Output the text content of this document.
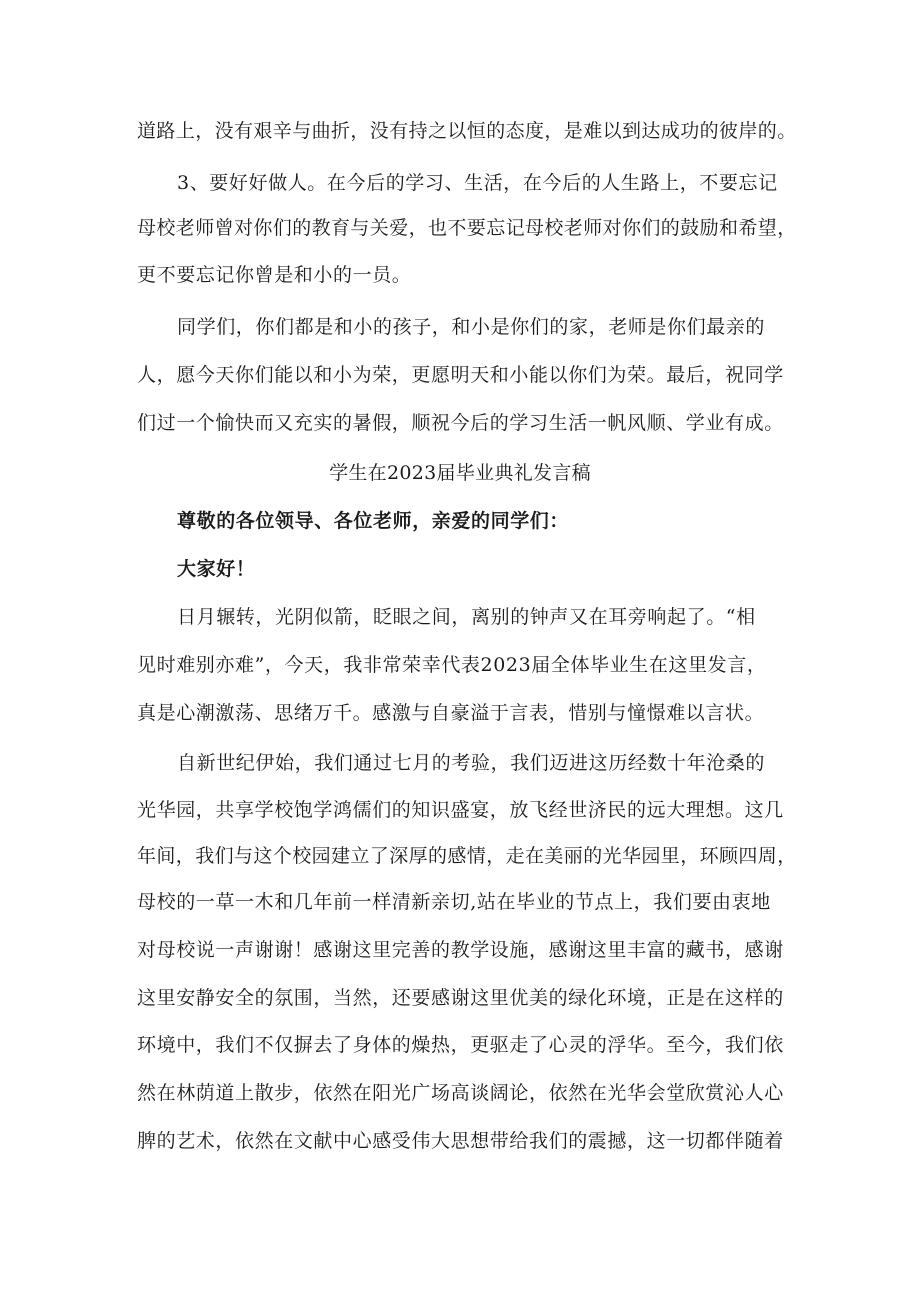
道路上，没有艰辛与曲折，没有持之以恒的态度，是难以到达成功的彼岸的。
3、要好好做人。在今后的学习、生活，在今后的人生路上，不要忘记
母校老师曾对你们的教育与关爱，也不要忘记母校老师对你们的鼓励和希望，
更不要忘记你曾是和小的一员。
同学们，你们都是和小的孩子，和小是你们的家，老师是你们最亲的
人，愿今天你们能以和小为荣，更愿明天和小能以你们为荣。最后，祝同学
们过一个愉快而又充实的暑假，顺祝今后的学习生活一帆风顺、学业有成。
学生在2023届毕业典礼发言稿
尊敬的各位领导、各位老师，亲爱的同学们：
大家好！
日月辗转，光阴似箭，眨眼之间，离别的钟声又在耳旁响起了。“相
见时难别亦难”，今天，我非常荣幸代表2023届全体毕业生在这里发言，
真是心潮激荡、思绪万千。感激与自豪溢于言表，惜别与憧憬难以言状。
自新世纪伊始，我们通过七月的考验，我们迈进这历经数十年沧桑的
光华园，共享学校饱学鸿儒们的知识盛宴，放飞经世济民的远大理想。这几
年间，我们与这个校园建立了深厚的感情，走在美丽的光华园里，环顾四周，
母校的一草一木和几年前一样清新亲切,站在毕业的节点上，我们要由衷地
对母校说一声谢谢！感谢这里完善的教学设施，感谢这里丰富的藏书，感谢
这里安静安全的氛围，当然，还要感谢这里优美的绿化环境，正是在这样的
环境中，我们不仅摒去了身体的燥热，更驱走了心灵的浮华。至今，我们依
然在林荫道上散步，依然在阳光广场高谈阔论，依然在光华会堂欣赏沁人心
脾的艺术，依然在文献中心感受伟大思想带给我们的震撼，这一切都伴随着
